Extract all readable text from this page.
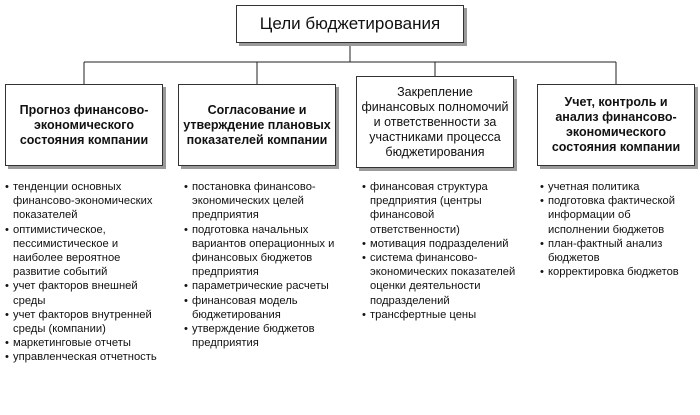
Цели бюджетирования
Прогноз финансово-экономического состояния компании
Согласование и утверждение плановых показателей компании
Закрепление финансовых полномочий и ответственности за участниками процесса бюджетирования
Учет, контроль и анализ финансово-экономического состояния компании
• тенденции основных финансово-экономических показателей
• оптимистическое, пессимистическое и наиболее вероятное развитие событий
• учет факторов внешней среды
• учет факторов внутренней среды (компании)
• маркетинговые отчеты
• управленческая отчетность
• постановка финансово-экономических целей предприятия
• подготовка начальных вариантов операционных и финансовых бюджетов предприятия
• параметрические расчеты
• финансовая модель бюджетирования
• утверждение бюджетов предприятия
• финансовая структура предприятия (центры финансовой ответственности)
• мотивация подразделений
• система финансово-экономических показателей оценки деятельности подразделений
• трансфертные цены
• учетная политика
• подготовка фактической информации об исполнении бюджетов
• план-фактный анализ бюджетов
• корректировка бюджетов
